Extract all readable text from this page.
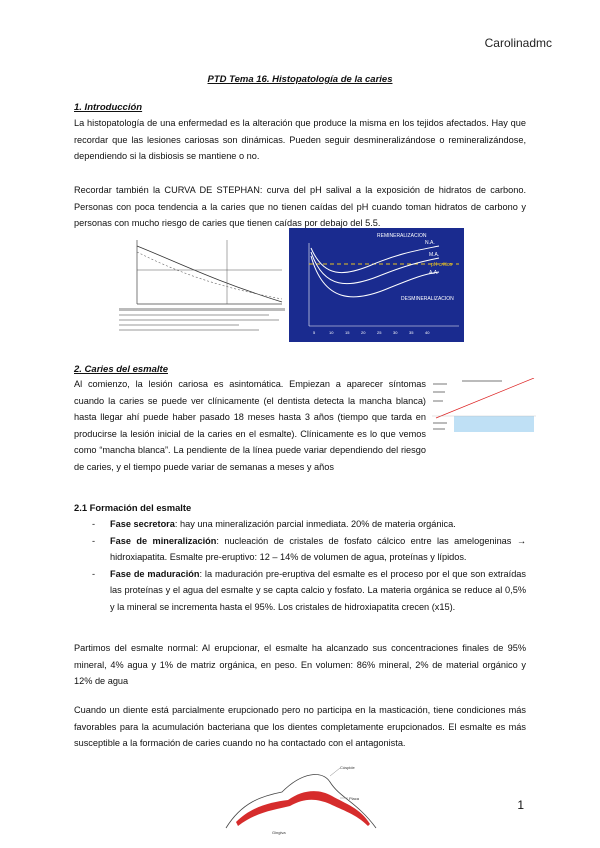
Carolinadmc
PTD Tema 16. Histopatología de la caries
1. Introducción
La histopatología de una enfermedad es la alteración que produce la misma en los tejidos afectados. Hay que recordar que las lesiones cariosas son dinámicas. Pueden seguir desmineralizándose o remineralizándose, dependiendo si la disbiosis se mantiene o no.
Recordar también la CURVA DE STEPHAN: curva del pH salival a la exposición de hidratos de carbono. Personas con poca tendencia a la caries que no tienen caídas del pH cuando toman hidratos de carbono y personas con mucho riesgo de caries que tienen caídas por debajo del 5.5.
REMINERALIZACION
DESMINERALIZACION
pH crítico
N.A.
M.A.
A.A.
5	10	15	20	25	30	35	40
2. Caries del esmalte
Al comienzo, la lesión cariosa es asintomática. Empiezan a aparecer síntomas cuando la caries se puede ver clínicamente (el dentista detecta la mancha blanca) hasta llegar ahí puede haber pasado 18 meses hasta 3 años (tiempo que tarda en producirse la lesión inicial de la caries en el esmalte). Clínicamente es lo que vemos como “mancha blanca”. La pendiente de la línea puede variar dependiendo del riesgo de caries, y el tiempo puede variar de semanas a meses y años
2.1 Formación del esmalte
- Fase secretora: hay una mineralización parcial inmediata. 20% de materia orgánica.
- Fase de mineralización: nucleación de cristales de fosfato cálcico entre las amelogeninas → hidroxiapatita. Esmalte pre-eruptivo: 12 – 14% de volumen de agua, proteínas y lípidos.
- Fase de maduración: la maduración pre-eruptiva del esmalte es el proceso por el que son extraídas las proteínas y el agua del esmalte y se capta calcio y fosfato. La materia orgánica se reduce al 0,5% y la mineral se incrementa hasta el 95%. Los cristales de hidroxiapatita crecen (x15).
Partimos del esmalte normal: Al erupcionar, el esmalte ha alcanzado sus concentraciones finales de 95% mineral, 4% agua y 1% de matriz orgánica, en peso. En volumen: 86% mineral, 2% de material orgánico y 12% de agua
Cuando un diente está parcialmente erupcionado pero no participa en la masticación, tiene condiciones más favorables para la acumulación bacteriana que los dientes completamente erupcionados. El esmalte es más susceptible a la formación de caries cuando no ha contactado con el antagonista.
Cúspide
Placa
Gingiva
1
